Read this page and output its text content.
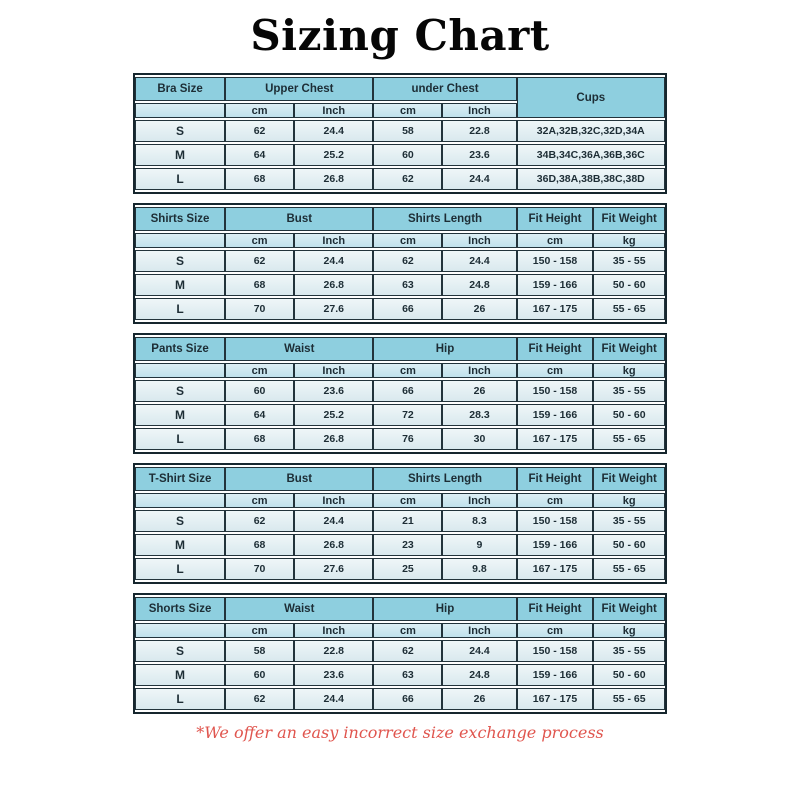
Sizing Chart
Bra Size	Upper Chest		under Chest		Cups
	cm	Inch	cm	Inch	
S	62	24.4	58	22.8	32A,32B,32C,32D,34A
M	64	25.2	60	23.6	34B,34C,36A,36B,36C
L	68	26.8	62	24.4	36D,38A,38B,38C,38D
Shirts Size	Bust		Shirts Length		Fit Height	Fit Weight
	cm	Inch	cm	Inch	cm	kg
S	62	24.4	62	24.4	150 - 158	35 - 55
M	68	26.8	63	24.8	159 - 166	50 - 60
L	70	27.6	66	26	167 - 175	55 - 65
Pants Size	Waist		Hip		Fit Height	Fit Weight
	cm	Inch	cm	Inch	cm	kg
S	60	23.6	66	26	150 - 158	35 - 55
M	64	25.2	72	28.3	159 - 166	50 - 60
L	68	26.8	76	30	167 - 175	55 - 65
T-Shirt Size	Bust		Shirts Length		Fit Height	Fit Weight
	cm	Inch	cm	Inch	cm	kg
S	62	24.4	21	8.3	150 - 158	35 - 55
M	68	26.8	23	9	159 - 166	50 - 60
L	70	27.6	25	9.8	167 - 175	55 - 65
Shorts Size	Waist		Hip		Fit Height	Fit Weight
	cm	Inch	cm	Inch	cm	kg
S	58	22.8	62	24.4	150 - 158	35 - 55
M	60	23.6	63	24.8	159 - 166	50 - 60
L	62	24.4	66	26	167 - 175	55 - 65
*We offer an easy incorrect size exchange process
